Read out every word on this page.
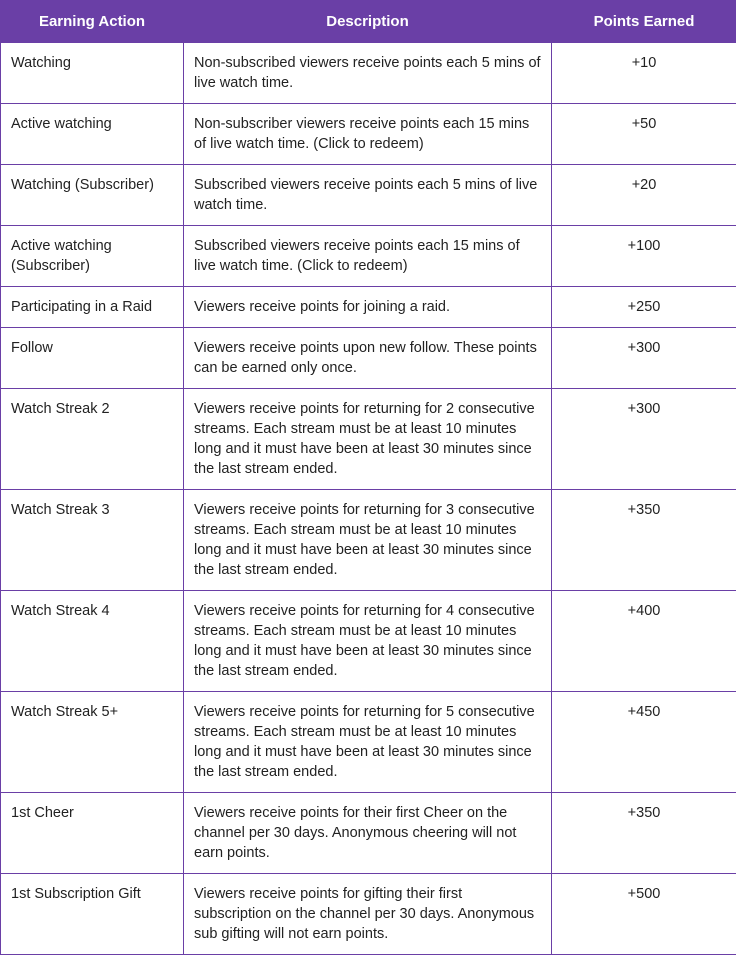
Earning Action	Description	Points Earned
Watching	Non-subscribed viewers receive points each 5 mins of live watch time.	+10
Active watching	Non-subscriber viewers receive points each 15 mins of live watch time. (Click to redeem)	+50
Watching (Subscriber)	Subscribed viewers receive points each 5 mins of live watch time.	+20
Active watching (Subscriber)	Subscribed viewers receive points each 15 mins of live watch time. (Click to redeem)	+100
Participating in a Raid	Viewers receive points for joining a raid.	+250
Follow	Viewers receive points upon new follow. These points can be earned only once.	+300
Watch Streak 2	Viewers receive points for returning for 2 consecutive streams. Each stream must be at least 10 minutes long and it must have been at least 30 minutes since the last stream ended.	+300
Watch Streak 3	Viewers receive points for returning for 3 consecutive streams. Each stream must be at least 10 minutes long and it must have been at least 30 minutes since the last stream ended.	+350
Watch Streak 4	Viewers receive points for returning for 4 consecutive streams. Each stream must be at least 10 minutes long and it must have been at least 30 minutes since the last stream ended.	+400
Watch Streak 5+	Viewers receive points for returning for 5 consecutive streams. Each stream must be at least 10 minutes long and it must have been at least 30 minutes since the last stream ended.	+450
1st Cheer	Viewers receive points for their first Cheer on the channel per 30 days. Anonymous cheering will not earn points.	+350
1st Subscription Gift	Viewers receive points for gifting their first subscription on the channel per 30 days. Anonymous sub gifting will not earn points.	+500
